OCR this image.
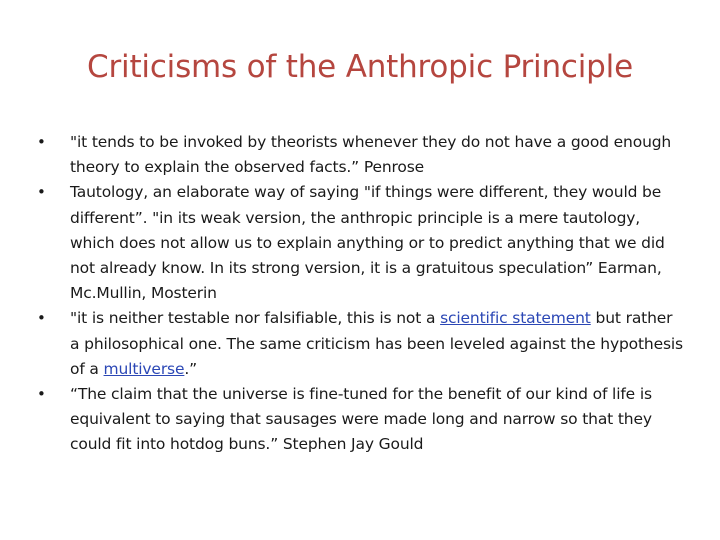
Criticisms of the Anthropic Principle
• "it tends to be invoked by theorists whenever they do not have a good enough theory to explain the observed facts.” Penrose
• Tautology, an elaborate way of saying "if things were different, they would be different”. "in its weak version, the anthropic principle is a mere tautology, which does not allow us to explain anything or to predict anything that we did not already know. In its strong version, it is a gratuitous speculation” Earman, Mc.Mullin, Mosterin
• "it is neither testable nor falsifiable, this is not a scientific statement but rather a philosophical one. The same criticism has been leveled against the hypothesis of a multiverse.”
• “The claim that the universe is fine-tuned for the benefit of our kind of life is equivalent to saying that sausages were made long and narrow so that they could fit into hotdog buns.” Stephen Jay Gould
